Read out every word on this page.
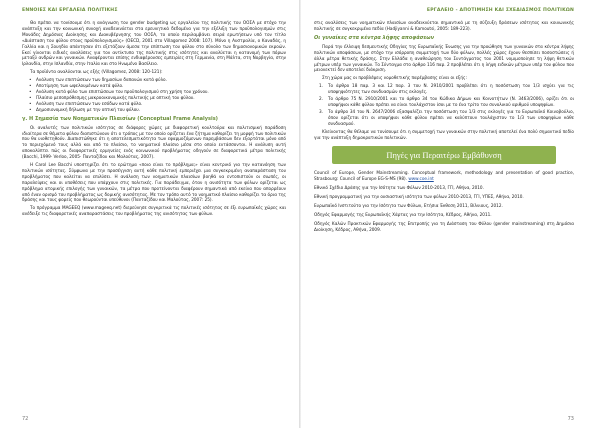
ΕΝΝΟΙΕΣ ΚΑΙ ΕΡΓΑΛΕΙΑ ΠΟΛΙΤΙΚΗΣ

Θα πρέπει να τονίσουμε ότι η ανάγνωση του gender budgeting ως εργαλείου της πολιτικής του ΟΟΣΑ με στόχο την ανάπτυξη και την κοινωνική συνοχή αναδεικνύεται στα ερευνητικά δεδομένα για την εξέλιξη των προϋπολογισμών στις Μονάδες Δημόσιας Διοίκησης και Διακυβέρνησης του ΟΟΣΑ, το οποίο περιλαμβάνει σειρά ερωτήσεων υπό τον τίτλο «Διάσταση του φύλου στους προϋπολογισμούς» (OECD, 2001 στο Villagomez 2008: 107). Μόνο η Αυστραλία, ο Καναδάς, η Γαλλία και η Σουηδία απάντησαν ότι εξετάζουν άμεσα την επίπτωση του φύλου στο σύνολο των δημοσιονομικών εκροών. Εκεί γίνονται ειδικές αναλύσεις για τον αντίκτυπο της πολιτικής στις ισότητες και αναλύεται η κατανομή των πόρων μεταξύ ανδρών και γυναικών. Αναφέρονται επίσης ενδιαφέρουσες εμπειρίες στη Γερμανία, στη Μάλτα, στη Νορβηγία, στην Ιρλανδία, στην Ισλανδία, στην Ιταλία και στο Ηνωμένο Βασίλειο.

Τα προϊόντα αναλύονται ως εξής (Villagomez, 2008: 120-121):

• Ανάλυση των επιπτώσεων των δημοσίων δαπανών κατά φύλο.
• Αποτίμηση των ωφελουμένων κατά φύλο.
• Ανάλυση κατά φύλο των επιπτώσεων του προϋπολογισμού στη χρήση του χρόνου.
• Πλαίσιο μεσοπρόθεσμης μακροοικονομικής πολιτικής με οπτική του φύλου.
• Ανάλυση των επιπτώσεων των εσόδων κατά φύλο.
• Δημοσιονομική δήλωση με την οπτική του φύλου.
γ. Η Σημασία των Νοηματικών Πλαισίων (Conceptual Frame Analysis)

Οι αναλυτές των πολιτικών ισότητας σε διάφορες χώρες με διαφορετική κουλτούρα και πολιτισμική παράδοση ιδιαίτερα σε θέματα φύλου διαπιστώνουν ότι ο τρόπος με τον οποίο ορίζεται ένα ζήτημα καθορίζει τη μορφή των πολιτικών που θα υιοθετηθούν. Διαπιστώθηκε ότι η αποτελεσματικότητα των εφαρμοζόμενων παρεμβάσεων δεν εξαρτάται μόνο από το περιεχόμενό τους αλλά και από το πλαίσιο, το νοηματικό πλαίσιο μέσα στο οποίο εντάσσονται. Η ανάλυση αυτή αποκαλύπτει πώς οι διαφορετικές ερμηνείες ενός κοινωνικού προβλήματος οδηγούν σε διαφορετικά μέτρα πολιτικής (Bacchi, 1999· Verloo, 2005· Πανταζίδου και Μαλούτας, 2007).

Η Carol Lee Bacchi υποστηρίζει ότι το ερώτημα «ποιο είναι το πρόβλημα;» είναι κεντρικό για την κατανόηση των πολιτικών ισότητας. Σύμφωνα με την προσέγγιση αυτή κάθε πολιτική εμπεριέχει μια συγκεκριμένη αναπαράσταση του προβλήματος που καλείται να επιλύσει. Η ανάλυση των νοηματικών πλαισίων βοηθά να εντοπιστούν οι σιωπές, οι παραλείψεις και οι υποθέσεις που υπάρχουν στις πολιτικές. Για παράδειγμα, όταν η ανισότητα των φύλων ορίζεται ως πρόβλημα ατομικής επιλογής των γυναικών, τα μέτρα που προτείνονται διαφέρουν σημαντικά από εκείνα που απορρέουν από έναν ορισμό του προβλήματος ως δομικής ανισότητας. Με τον τρόπο αυτό το νοηματικό πλαίσιο καθορίζει τα όρια της δράσης και τους φορείς που θεωρούνται υπεύθυνοι (Πανταζίδου και Μαλούτας, 2007: 25).

Το πρόγραμμα MAGEEQ (www.mageeq.net) διερεύνησε συγκριτικά τις πολιτικές ισότητας σε έξι ευρωπαϊκές χώρες και ανέδειξε τις διαφορετικές αναπαραστάσεις του προβλήματος της ανισότητας των φύλων.

72
ΕΡΓΑΛΕΙΟ - ΑΠΟΤΙΜΗΣΗ ΚΑΙ ΣΧΕΔΙΑΣΜΟΣ ΠΟΛΙΤΙΚΩΝ

στις αναλύσεις των νοηματικών πλαισίων αναδεικνύεται σημαντικά με τη σύζευξη δράσεων ισότητας και κοινωνικής πολιτικής σε συγκεκριμένα πεδία (Hadjiyanni & Kamoutsi, 2005: 189-223).

Οι γυναίκες στα κέντρα λήψης αποφάσεων

Παρά την έλλειψη δεσμευτικής Οδηγίας της Ευρωπαϊκής Ένωσης για την προώθηση των γυναικών στα κέντρα λήψης πολιτικών αποφάσεων, με στόχο την ισόρροπη συμμετοχή των δύο φύλων, πολλές χώρες έχουν θεσπίσει ποσοστώσεις ή άλλα μέτρα θετικής δράσης. Στην Ελλάδα η αναθεώρηση του Συντάγματος του 2001 νομιμοποίησε τη λήψη θετικών μέτρων υπέρ των γυναικών. Το Σύνταγμα στο άρθρο 116 παρ. 2 προβλέπει ότι η λήψη ειδικών μέτρων υπέρ του φύλου που μειονεκτεί δεν αποτελεί διάκριση.

Στη χώρα μας οι προβλέψεις νομοθετικής παρέμβασης είναι οι εξής:

1. Το άρθρο 18 παρ. 3 και 12 παρ. 3 του Ν. 2910/2001 προβλέπει ότι η ποσόστωση του 1/3 ισχύει για τις υποψηφιότητες των συνδυασμών στις εκλογές.
2. Το άρθρο 75 Ν. 2910/2001 και το άρθρο 34 του Κώδικα Δήμων και Κοινοτήτων (Ν. 3463/2006), ορίζει ότι οι υποψήφιοι κάθε φύλου πρέπει να είναι τουλάχιστον ίσοι με το ένα τρίτο του συνολικού αριθμού υποψηφίων.
3. Το άρθρο 34 του Ν. 2647/2006 εξασφαλίζει την ποσόστωση του 1/3 στις εκλογές για το Ευρωπαϊκό Κοινοβούλιο, όπου ορίζεται ότι οι υποψήφιοι κάθε φύλου πρέπει να καλύπτουν τουλάχιστον το 1/3 των υποψηφίων κάθε συνδυασμού.

Κλείνοντας θα θέλαμε να τονίσουμε ότι η συμμετοχή των γυναικών στην πολιτική αποτελεί ένα πολύ σημαντικό πεδίο για την ανάπτυξη δημοκρατικών πολιτικών.

Πηγές για Περαιτέρω Εμβάθυνση

Council of Europe, Gender Mainstreaming. Conceptual framework, methodology and presentation of good practice, Strasbourg: Council of Europe EG-S-MS (98). www.coe.int

Εθνικό Σχέδιο Δράσης για την Ισότητα των Φύλων 2010-2013, ΓΓΙ, Αθήνα, 2010.

Εθνική προγραμματική για την ουσιαστική ισότητα των φύλων 2010-2013, ΓΓΙ, ΥΠΕΣ, Αθήνα, 2010.

Ευρωπαϊκό Ινστιτούτο για την Ισότητα των Φύλων, Ετήσια Έκθεση 2011, Βίλνιους, 2012.

Οδηγός Εφαρμογής της Ευρωπαϊκής Χάρτας για την Ισότητα, Κέδρος, Αθήνα, 2011.

Οδηγός Καλών Πρακτικών Εφαρμογής της Επιτροπής για τη Διάσταση του Φύλου (gender mainstreaming) στη Δημόσια Διοίκηση, Κέδρος, Αθήνα, 2009.

73
